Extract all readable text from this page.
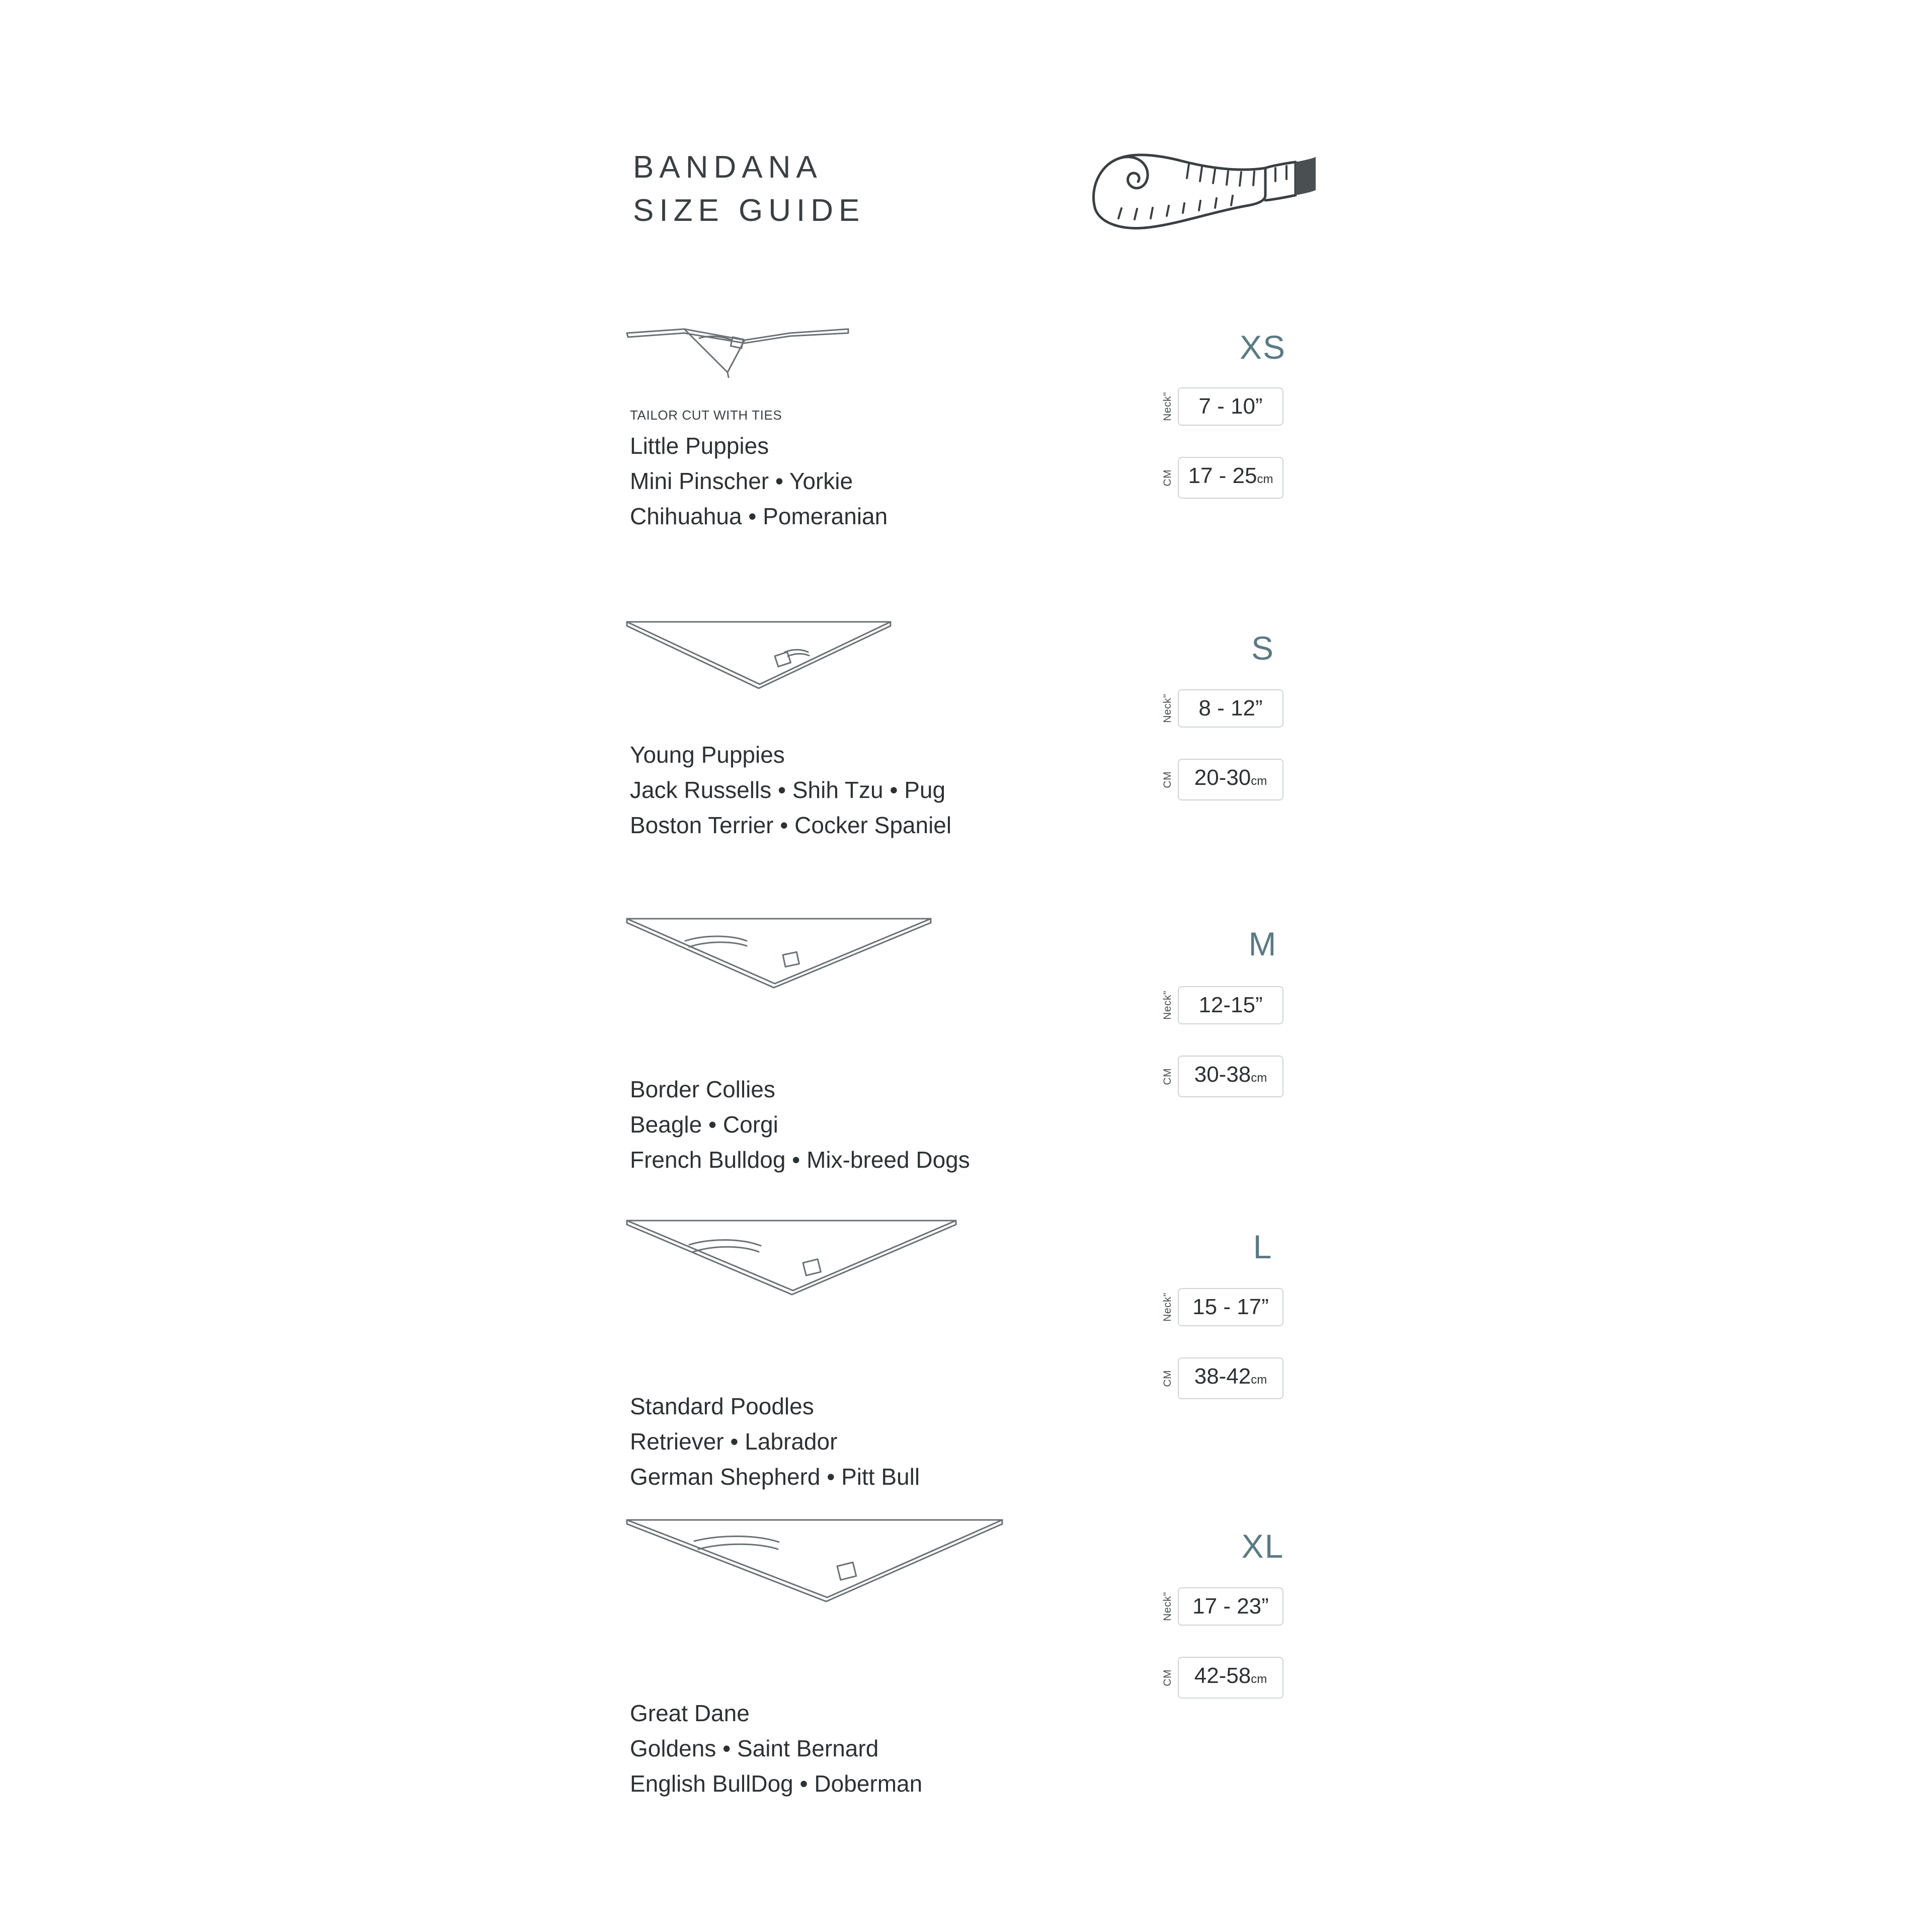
BANDANA
SIZE GUIDE
TAILOR CUT WITH TIES
Little Puppies
Mini Pinscher • Yorkie
Chihuahua • Pomeranian
XS
Neck"	7 - 10”
CM 17 - 25cm
Young Puppies
Jack Russells • Shih Tzu • Pug
Boston Terrier • Cocker Spaniel
S
Neck"	8 - 12”
CM 20-30cm
Border Collies
Beagle • Corgi
French Bulldog • Mix-breed Dogs
M
Neck"	12-15”
CM 30-38cm
Standard Poodles
Retriever • Labrador
German Shepherd • Pitt Bull
L
Neck" 15 - 17”
CM 38-42cm
Great Dane
Goldens • Saint Bernard
English BullDog • Doberman
XL
Neck" 17 - 23”
CM 42-58cm
